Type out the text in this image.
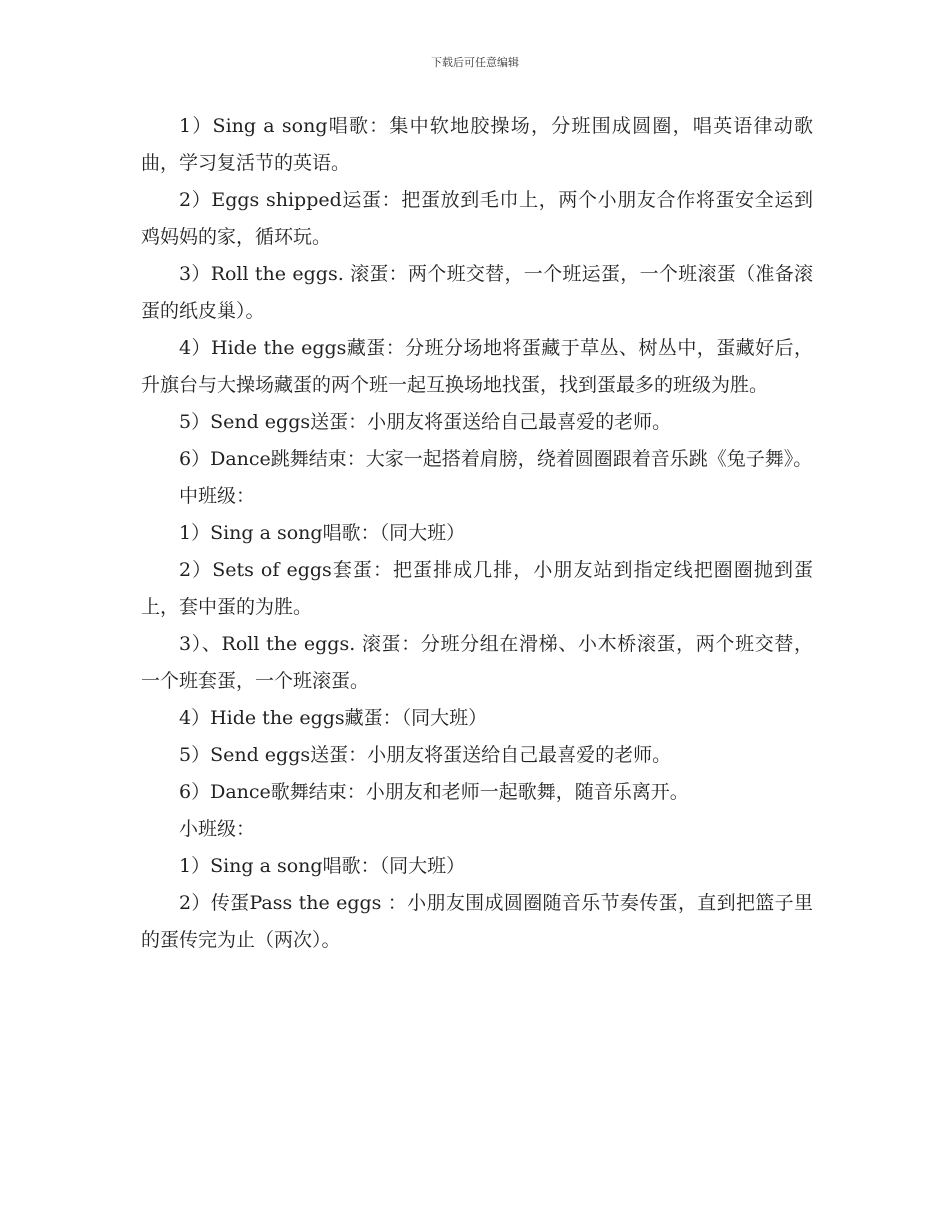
下载后可任意编辑

1）Sing a song唱歌：集中软地胶操场，分班围成圆圈，唱英语律动歌曲，学习复活节的英语。

2）Eggs shipped运蛋：把蛋放到毛巾上，两个小朋友合作将蛋安全运到鸡妈妈的家，循环玩。

3）Roll the eggs. 滚蛋：两个班交替，一个班运蛋，一个班滚蛋（准备滚蛋的纸皮巢）。

4）Hide the eggs藏蛋：分班分场地将蛋藏于草丛、树丛中，蛋藏好后，升旗台与大操场藏蛋的两个班一起互换场地找蛋，找到蛋最多的班级为胜。

5）Send eggs送蛋：小朋友将蛋送给自己最喜爱的老师。

6）Dance跳舞结束：大家一起搭着肩膀，绕着圆圈跟着音乐跳《兔子舞》。

中班级：

1）Sing a song唱歌：（同大班）

2）Sets of eggs套蛋：把蛋排成几排，小朋友站到指定线把圈圈抛到蛋上，套中蛋的为胜。

3）、Roll the eggs. 滚蛋：分班分组在滑梯、小木桥滚蛋，两个班交替，一个班套蛋，一个班滚蛋。

4）Hide the eggs藏蛋：（同大班）

5）Send eggs送蛋：小朋友将蛋送给自己最喜爱的老师。

6）Dance歌舞结束：小朋友和老师一起歌舞，随音乐离开。

小班级：

1）Sing a song唱歌：（同大班）

2）传蛋Pass the eggs ：小朋友围成圆圈随音乐节奏传蛋，直到把篮子里的蛋传完为止（两次）。
